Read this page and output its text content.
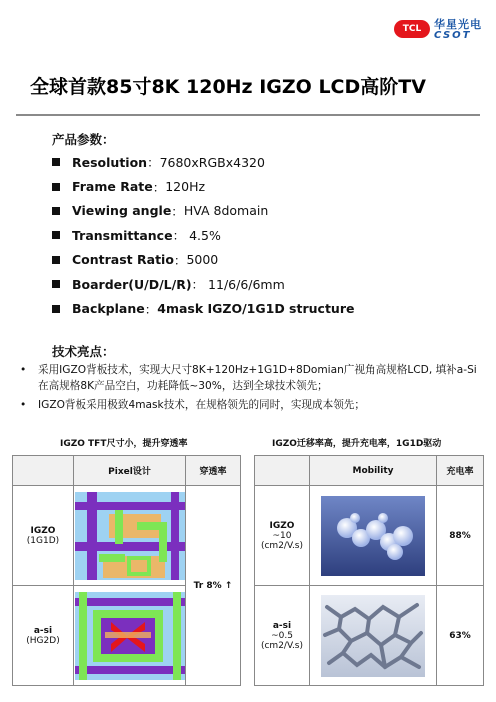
TCL	华星光电
CSOT
全球首款85寸8K 120Hz IGZO LCD高阶TV
产品参数：
Resolution ： 7680xRGBx4320
Frame Rate ： 120Hz
Viewing angle ： HVA 8domain
Transmittance ： 4.5%
Contrast Ratio ： 5000
Boarder(U/D/L/R) ： 11/6/6/6mm
Backplane ： 4mask IGZO/1G1D structure
技术亮点：
• 采用IGZO背板技术，实现大尺寸8K+120Hz+1G1D+8Domian广视角高规格LCD, 填补a-Si在高规格8K产品空白，功耗降低~30%，达到全球技术领先；
• IGZO背板采用极致4mask技术，在规格领先的同时，实现成本领先；
IGZO TFT尺寸小，提升穿透率	IGZO迁移率高，提升充电率，1G1D驱动
	Pixel设计	穿透率
IGZO
(1G1D)		Tr 8% ↑
a-si
(HG2D)	
	Mobility	充电率
IGZO
~10
(cm2/V.s)		88%
a-si
~0.5
(cm2/V.s)		63%
